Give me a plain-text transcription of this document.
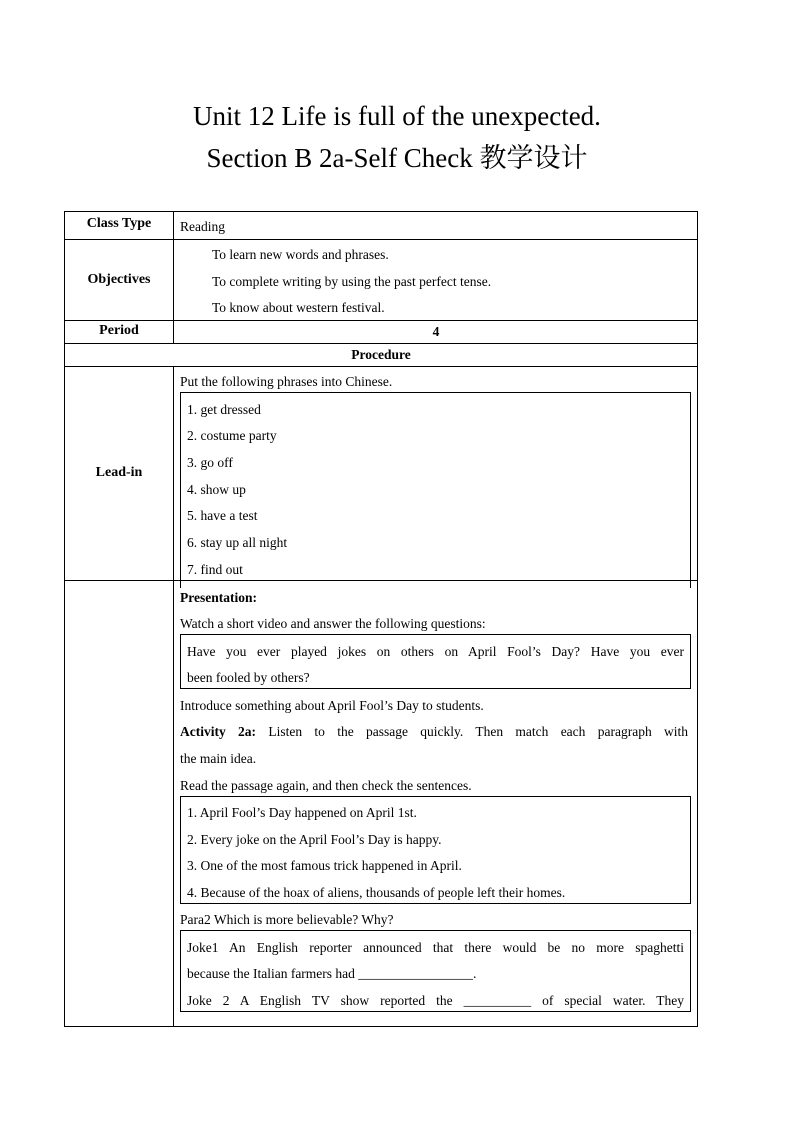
Unit 12 Life is full of the unexpected.
Section B 2a-Self Check 教学设计
Class Type	Reading
Objectives
To learn new words and phrases.
To complete writing by using the past perfect tense.
To know about western festival.
Period	4
Procedure
Lead-in
Put the following phrases into Chinese.
1. get dressed
2. costume party
3. go off
4. show up
5. have a test
6. stay up all night
7. find out
Presentation:
Watch a short video and answer the following questions:
Have you ever played jokes on others on April Fool’s Day? Have you ever
been fooled by others?
Introduce something about April Fool’s Day to students.
Activity 2a: Listen to the passage quickly. Then match each paragraph with
the main idea.
Read the passage again, and then check the sentences.
1. April Fool’s Day happened on April 1st.
2. Every joke on the April Fool’s Day is happy.
3. One of the most famous trick happened in April.
4. Because of the hoax of aliens, thousands of people left their homes.
Para2 Which is more believable? Why?
Joke1 An English reporter announced that there would be no more spaghetti
because the Italian farmers had _________________.
Joke 2 A English TV show reported the __________ of special water. They
